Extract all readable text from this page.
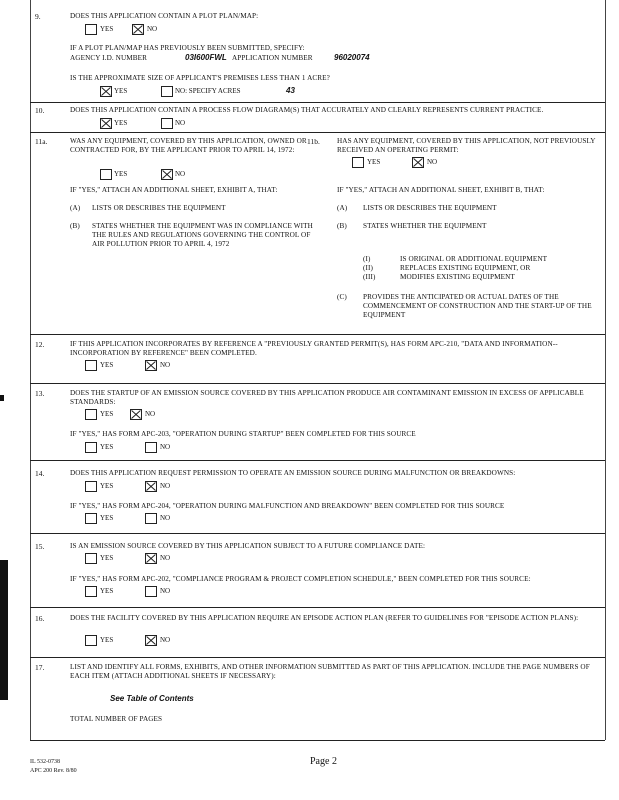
9.	DOES THIS APPLICATION CONTAIN A PLOT PLAN/MAP:
YES	NO
IF A PLOT PLAN/MAP HAS PREVIOUSLY BEEN SUBMITTED, SPECIFY:
AGENCY I.D. NUMBER	03I600FWL APPLICATION NUMBER	96020074
IS THE APPROXIMATE SIZE OF APPLICANT'S PREMISES LESS THAN 1 ACRE?
YES	NO: SPECIFY ACRES	43
10.	DOES THIS APPLICATION CONTAIN A PROCESS FLOW DIAGRAM(S) THAT ACCURATELY AND CLEARLY REPRESENTS CURRENT PRACTICE.
YES	NO
11a.	WAS ANY EQUIPMENT, COVERED BY THIS APPLICATION, OWNED OR CONTRACTED FOR, BY THE APPLICANT PRIOR TO APRIL 14, 1972:
YES	NO
11b. HAS ANY EQUIPMENT, COVERED BY THIS APPLICATION, NOT PREVIOUSLY RECEIVED AN OPERATING PERMIT:
YES	NO
IF "YES," ATTACH AN ADDITIONAL SHEET, EXHIBIT A, THAT:	IF "YES," ATTACH AN ADDITIONAL SHEET, EXHIBIT B, THAT:
(A) LISTS OR DESCRIBES THE EQUIPMENT
(B) STATES WHETHER THE EQUIPMENT WAS IN COMPLIANCE WITH THE RULES AND REGULATIONS GOVERNING THE CONTROL OF AIR POLLUTION PRIOR TO APRIL 4, 1972
(A) LISTS OR DESCRIBES THE EQUIPMENT
(B) STATES WHETHER THE EQUIPMENT
(I)	IS ORIGINAL OR ADDITIONAL EQUIPMENT
(II)	REPLACES EXISTING EQUIPMENT, OR
(III)	MODIFIES EXISTING EQUIPMENT
(C) PROVIDES THE ANTICIPATED OR ACTUAL DATES OF THE COMMENCEMENT OF CONSTRUCTION AND THE START-UP OF THE EQUIPMENT
12.	IF THIS APPLICATION INCORPORATES BY REFERENCE A "PREVIOUSLY GRANTED PERMIT(S), HAS FORM APC-210, "DATA AND INFORMATION--INCORPORATION BY REFERENCE" BEEN COMPLETED.
YES	NO
13.	DOES THE STARTUP OF AN EMISSION SOURCE COVERED BY THIS APPLICATION PRODUCE AIR CONTAMINANT EMISSION IN EXCESS OF APPLICABLE STANDARDS:
YES	NO
IF "YES," HAS FORM APC-203, "OPERATION DURING STARTUP" BEEN COMPLETED FOR THIS SOURCE
YES	NO
14.	DOES THIS APPLICATION REQUEST PERMISSION TO OPERATE AN EMISSION SOURCE DURING MALFUNCTION OR BREAKDOWNS:
YES	NO
IF "YES," HAS FORM APC-204, "OPERATION DURING MALFUNCTION AND BREAKDOWN" BEEN COMPLETED FOR THIS SOURCE
YES	NO
15.	IS AN EMISSION SOURCE COVERED BY THIS APPLICATION SUBJECT TO A FUTURE COMPLIANCE DATE:
YES	NO
IF "YES," HAS FORM APC-202, "COMPLIANCE PROGRAM & PROJECT COMPLETION SCHEDULE," BEEN COMPLETED FOR THIS SOURCE:
YES	NO
16.	DOES THE FACILITY COVERED BY THIS APPLICATION REQUIRE AN EPISODE ACTION PLAN (REFER TO GUIDELINES FOR "EPISODE ACTION PLANS):
YES	NO
17.	LIST AND IDENTIFY ALL FORMS, EXHIBITS, AND OTHER INFORMATION SUBMITTED AS PART OF THIS APPLICATION. INCLUDE THE PAGE NUMBERS OF EACH ITEM (ATTACH ADDITIONAL SHEETS IF NECESSARY):
See Table of Contents
TOTAL NUMBER OF PAGES
IL 532-0738
APC 200 Rev. 8/80
Page 2
